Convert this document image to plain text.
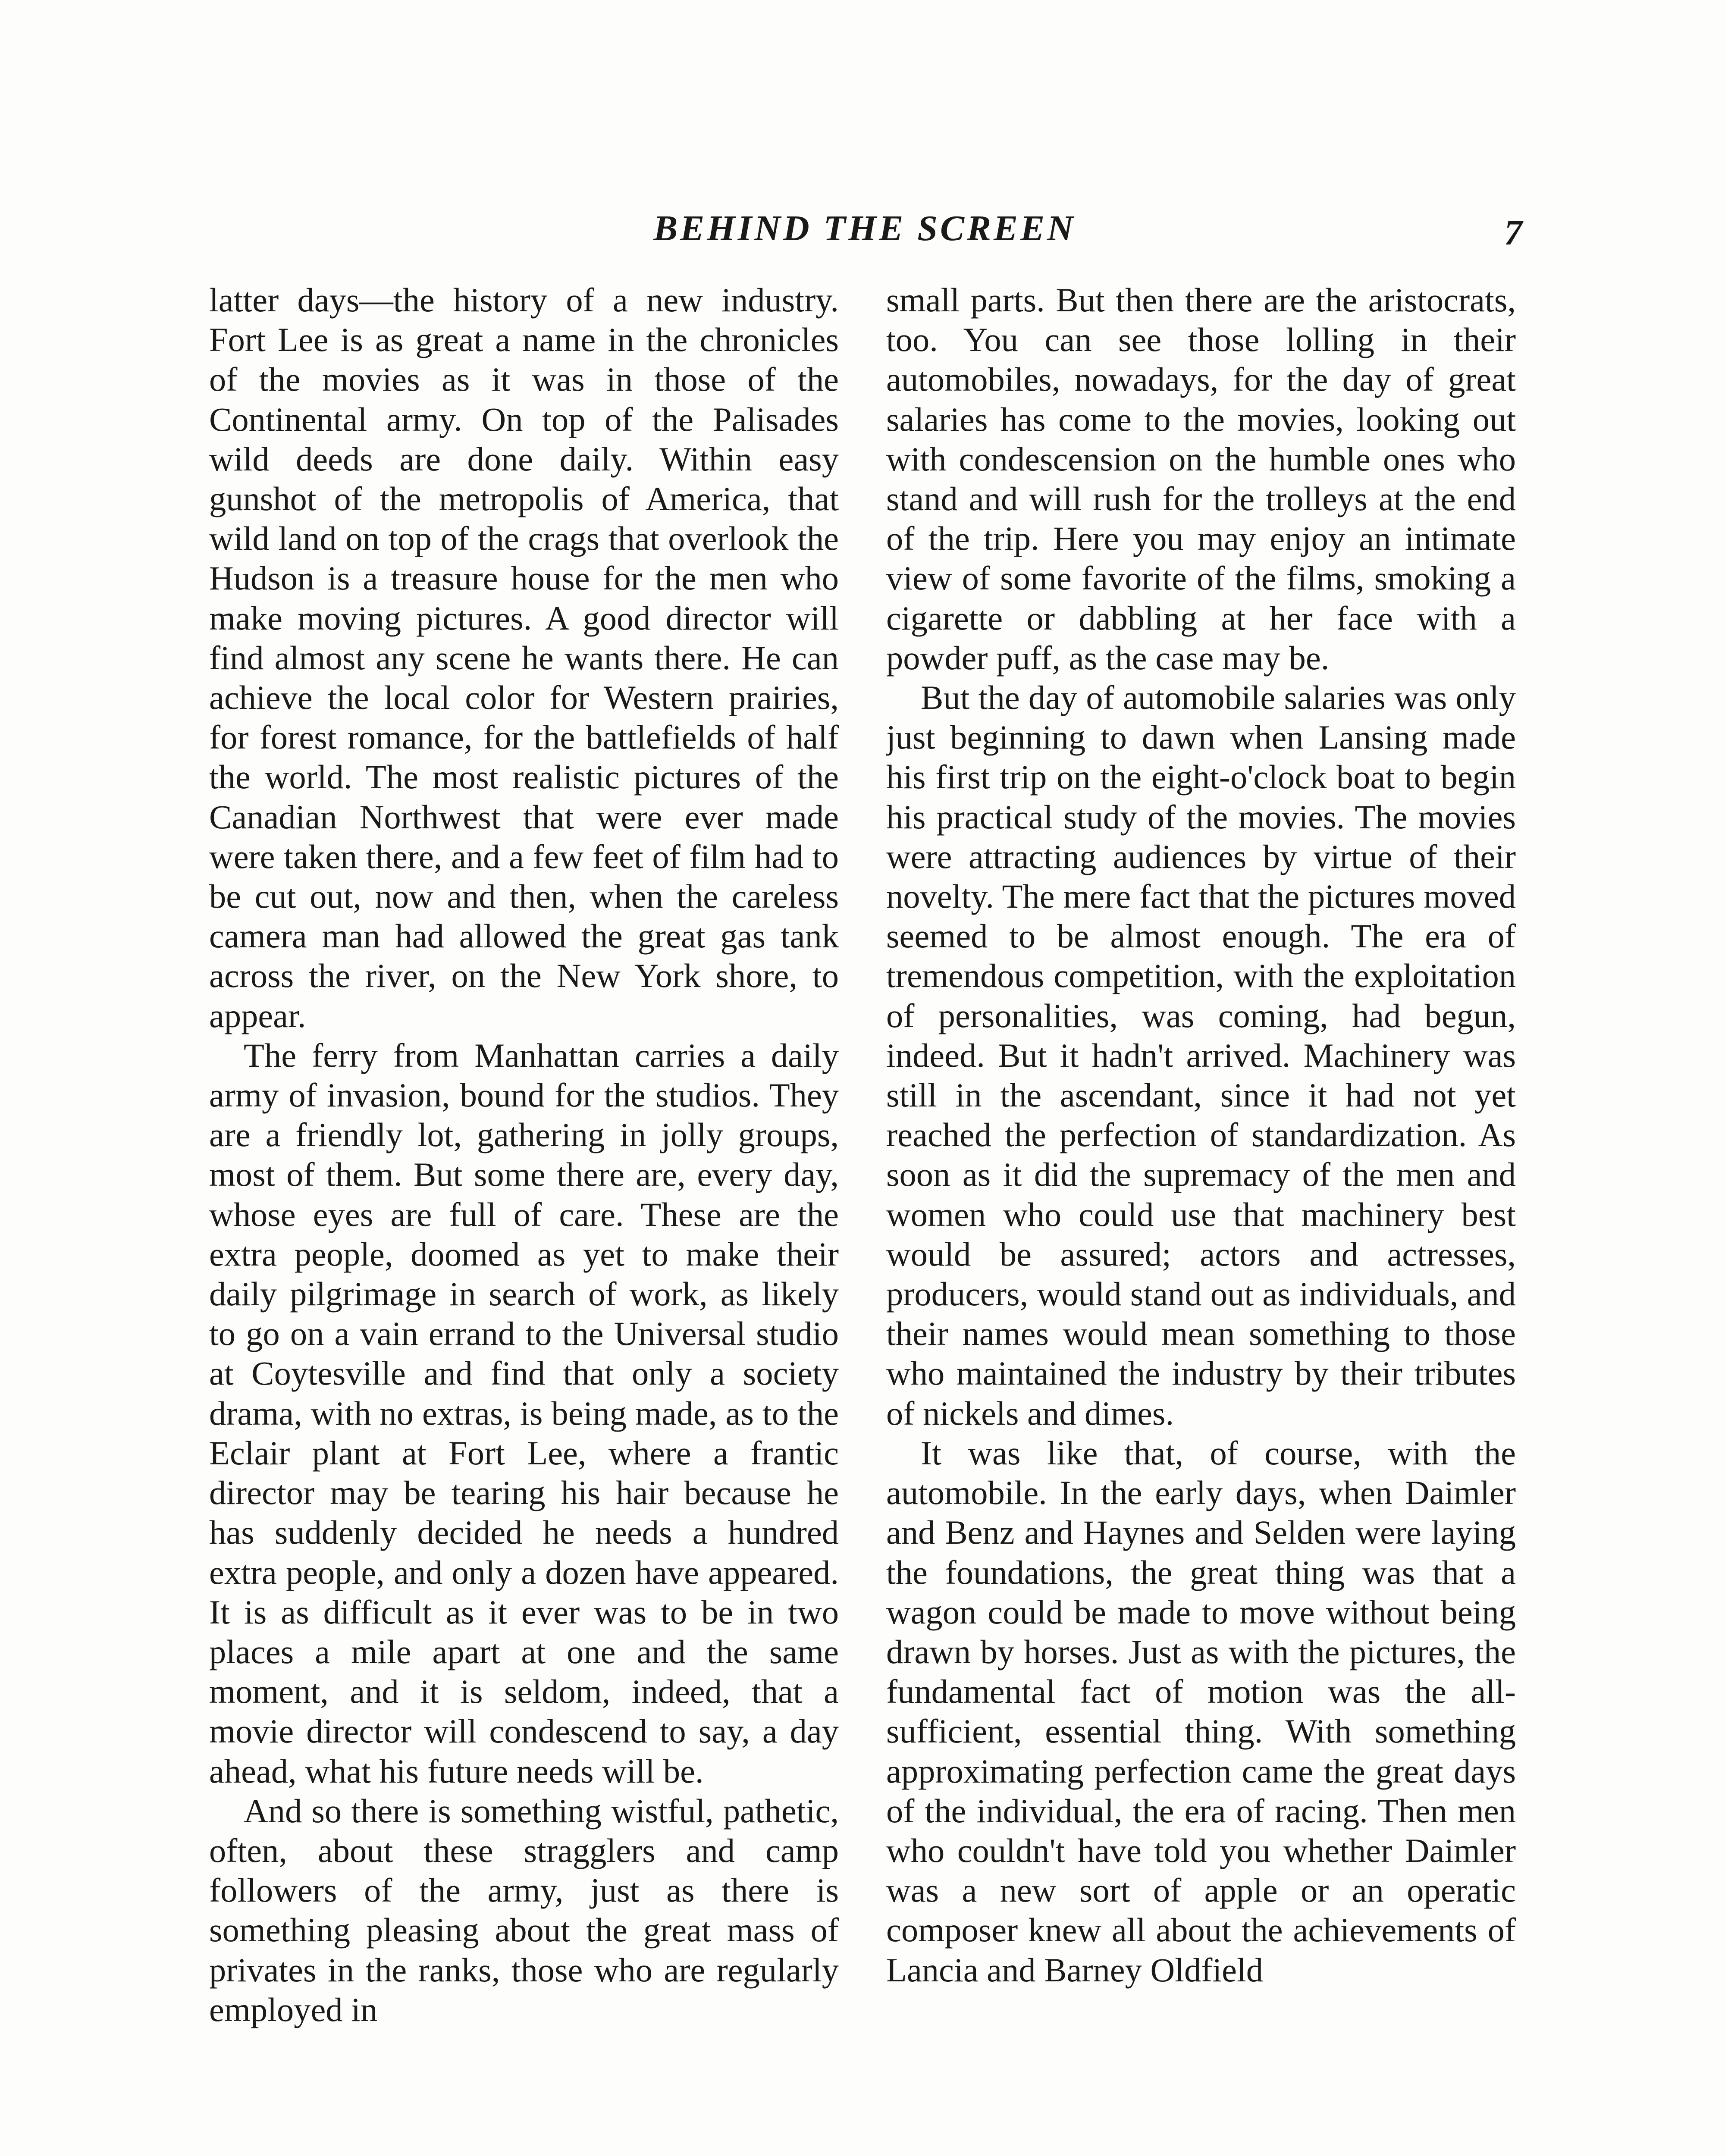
BEHIND THE SCREEN	7

latter days—the history of a new industry. Fort Lee is as great a name in the chronicles of the movies as it was in those of the Continental army. On top of the Palisades wild deeds are done daily. Within easy gunshot of the metropolis of America, that wild land on top of the crags that overlook the Hudson is a treasure house for the men who make moving pictures. A good director will find almost any scene he wants there. He can achieve the local color for Western prairies, for forest romance, for the battlefields of half the world. The most realistic pictures of the Canadian Northwest that were ever made were taken there, and a few feet of film had to be cut out, now and then, when the careless camera man had allowed the great gas tank across the river, on the New York shore, to appear.

The ferry from Manhattan carries a daily army of invasion, bound for the studios. They are a friendly lot, gathering in jolly groups, most of them. But some there are, every day, whose eyes are full of care. These are the extra people, doomed as yet to make their daily pilgrimage in search of work, as likely to go on a vain errand to the Universal studio at Coytesville and find that only a society drama, with no extras, is being made, as to the Eclair plant at Fort Lee, where a frantic director may be tearing his hair because he has suddenly decided he needs a hundred extra people, and only a dozen have appeared. It is as difficult as it ever was to be in two places a mile apart at one and the same moment, and it is seldom, indeed, that a movie director will condescend to say, a day ahead, what his future needs will be.

And so there is something wistful, pathetic, often, about these stragglers and camp followers of the army, just as there is something pleasing about the great mass of privates in the ranks, those who are regularly employed in

small parts. But then there are the aristocrats, too. You can see those lolling in their automobiles, nowadays, for the day of great salaries has come to the movies, looking out with condescension on the humble ones who stand and will rush for the trolleys at the end of the trip. Here you may enjoy an intimate view of some favorite of the films, smoking a cigarette or dabbling at her face with a powder puff, as the case may be.

But the day of automobile salaries was only just beginning to dawn when Lansing made his first trip on the eight-o'clock boat to begin his practical study of the movies. The movies were attracting audiences by virtue of their novelty. The mere fact that the pictures moved seemed to be almost enough. The era of tremendous competition, with the exploitation of personalities, was coming, had begun, indeed. But it hadn't arrived. Machinery was still in the ascendant, since it had not yet reached the perfection of standardization. As soon as it did the supremacy of the men and women who could use that machinery best would be assured; actors and actresses, producers, would stand out as individuals, and their names would mean something to those who maintained the industry by their tributes of nickels and dimes.

It was like that, of course, with the automobile. In the early days, when Daimler and Benz and Haynes and Selden were laying the foundations, the great thing was that a wagon could be made to move without being drawn by horses. Just as with the pictures, the fundamental fact of motion was the all-sufficient, essential thing. With something approximating perfection came the great days of the individual, the era of racing. Then men who couldn't have told you whether Daimler was a new sort of apple or an operatic composer knew all about the achievements of Lancia and Barney Oldfield
